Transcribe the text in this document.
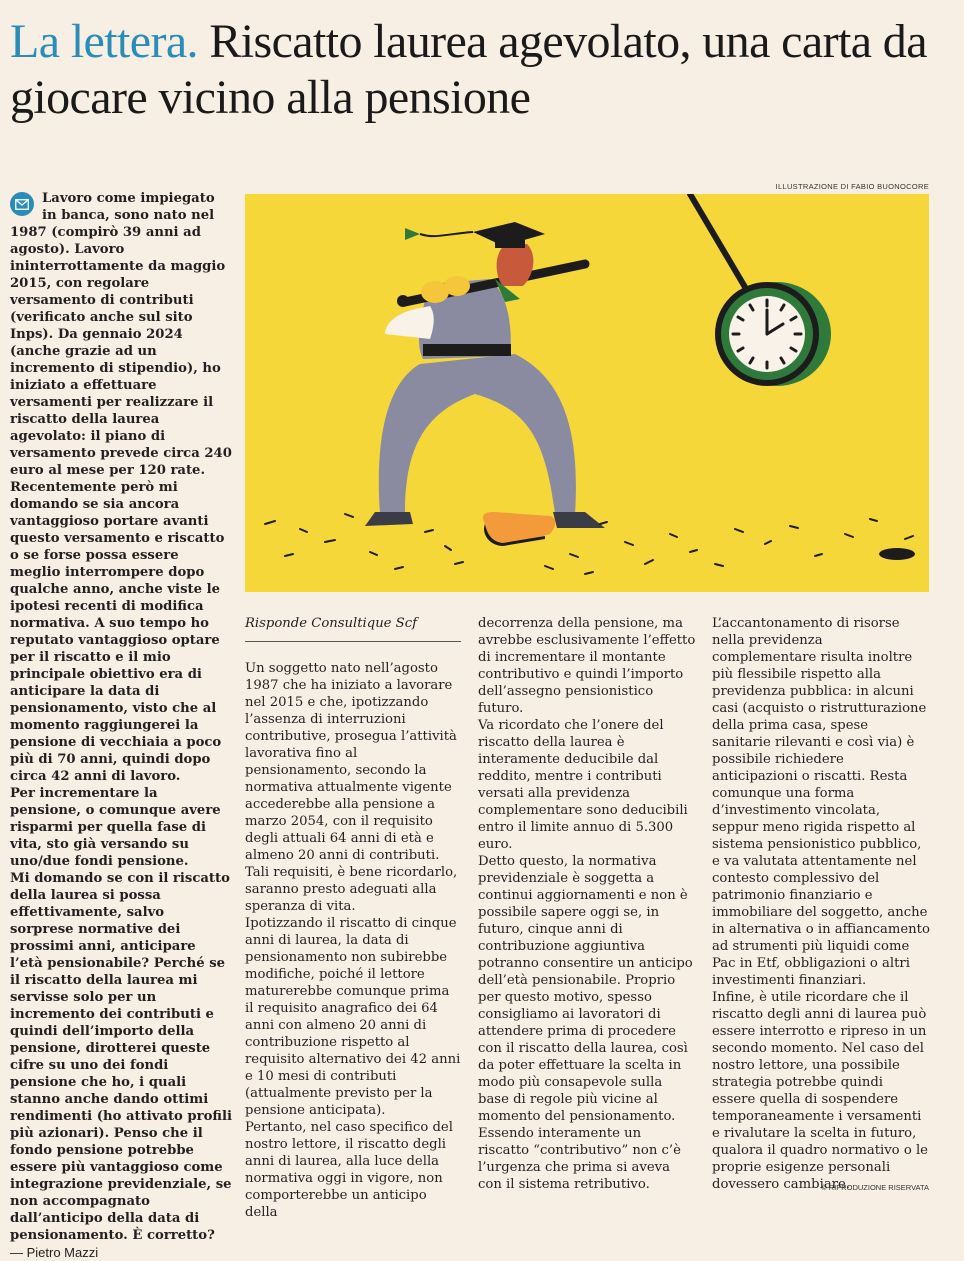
La lettera. Riscatto laurea agevolato, una carta da giocare vicino alla pensione
ILLUSTRAZIONE DI FABIO BUONOCORE

Lavoro come impiegato in banca, sono nato nel 1987 (compirò 39 anni ad agosto). Lavoro ininterrottamente da maggio 2015, con regolare versamento di contributi (verificato anche sul sito Inps). Da gennaio 2024 (anche grazie ad un incremento di stipendio), ho iniziato a effettuare versamenti per realizzare il riscatto della laurea agevolato: il piano di versamento prevede circa 240 euro al mese per 120 rate. Recentemente però mi domando se sia ancora vantaggioso portare avanti questo versamento e riscatto o se forse possa essere meglio interrompere dopo qualche anno, anche viste le ipotesi recenti di modifica normativa. A suo tempo ho reputato vantaggioso optare per il riscatto e il mio principale obiettivo era di anticipare la data di pensionamento, visto che al momento raggiungerei la pensione di vecchiaia a poco più di 70 anni, quindi dopo circa 42 anni di lavoro.

Per incrementare la pensione, o comunque avere risparmi per quella fase di vita, sto già versando su uno/due fondi pensione.

Mi domando se con il riscatto della laurea si possa effettivamente, salvo sorprese normative dei prossimi anni, anticipare l’età pensionabile? Perché se il riscatto della laurea mi servisse solo per un incremento dei contributi e quindi dell’importo della pensione, dirotterei queste cifre su uno dei fondi pensione che ho, i quali stanno anche dando ottimi rendimenti (ho attivato profili più azionari). Penso che il fondo pensione potrebbe essere più vantaggioso come integrazione previdenziale, se non accompagnato dall’anticipo della data di pensionamento. È corretto?

— Pietro Mazzi

Risponde Consultique Scf

Un soggetto nato nell’agosto 1987 che ha iniziato a lavorare nel 2015 e che, ipotizzando l’assenza di interruzioni contributive, prosegua l’attività lavorativa fino al pensionamento, secondo la normativa attualmente vigente accederebbe alla pensione a marzo 2054, con il requisito degli attuali 64 anni di età e almeno 20 anni di contributi.

Tali requisiti, è bene ricordarlo, saranno presto adeguati alla speranza di vita.

Ipotizzando il riscatto di cinque anni di laurea, la data di pensionamento non subirebbe modifiche, poiché il lettore maturerebbe comunque prima il requisito anagrafico dei 64 anni con almeno 20 anni di contribuzione rispetto al requisito alternativo dei 42 anni e 10 mesi di contributi (attualmente previsto per la pensione anticipata).

Pertanto, nel caso specifico del nostro lettore, il riscatto degli anni di laurea, alla luce della normativa oggi in vigore, non comporterebbe un anticipo della

decorrenza della pensione, ma avrebbe esclusivamente l’effetto di incrementare il montante contributivo e quindi l’importo dell’assegno pensionistico futuro.

Va ricordato che l’onere del riscatto della laurea è interamente deducibile dal reddito, mentre i contributi versati alla previdenza complementare sono deducibili entro il limite annuo di 5.300 euro.

Detto questo, la normativa previdenziale è soggetta a continui aggiornamenti e non è possibile sapere oggi se, in futuro, cinque anni di contribuzione aggiuntiva potranno consentire un anticipo dell’età pensionabile. Proprio per questo motivo, spesso consigliamo ai lavoratori di attendere prima di procedere con il riscatto della laurea, così da poter effettuare la scelta in modo più consapevole sulla base di regole più vicine al momento del pensionamento. Essendo interamente un riscatto “contributivo” non c’è l’urgenza che prima si aveva con il sistema retributivo.

L’accantonamento di risorse nella previdenza complementare risulta inoltre più flessibile rispetto alla previdenza pubblica: in alcuni casi (acquisto o ristrutturazione della prima casa, spese sanitarie rilevanti e così via) è possibile richiedere anticipazioni o riscatti. Resta comunque una forma d’investimento vincolata, seppur meno rigida rispetto al sistema pensionistico pubblico, e va valutata attentamente nel contesto complessivo del patrimonio finanziario e immobiliare del soggetto, anche in alternativa o in affiancamento ad strumenti più liquidi come Pac in Etf, obbligazioni o altri investimenti finanziari.

Infine, è utile ricordare che il riscatto degli anni di laurea può essere interrotto e ripreso in un secondo momento. Nel caso del nostro lettore, una possibile strategia potrebbe quindi essere quella di sospendere temporaneamente i versamenti e rivalutare la scelta in futuro, qualora il quadro normativo o le proprie esigenze personali dovessero cambiare.

© RIPRODUZIONE RISERVATA
